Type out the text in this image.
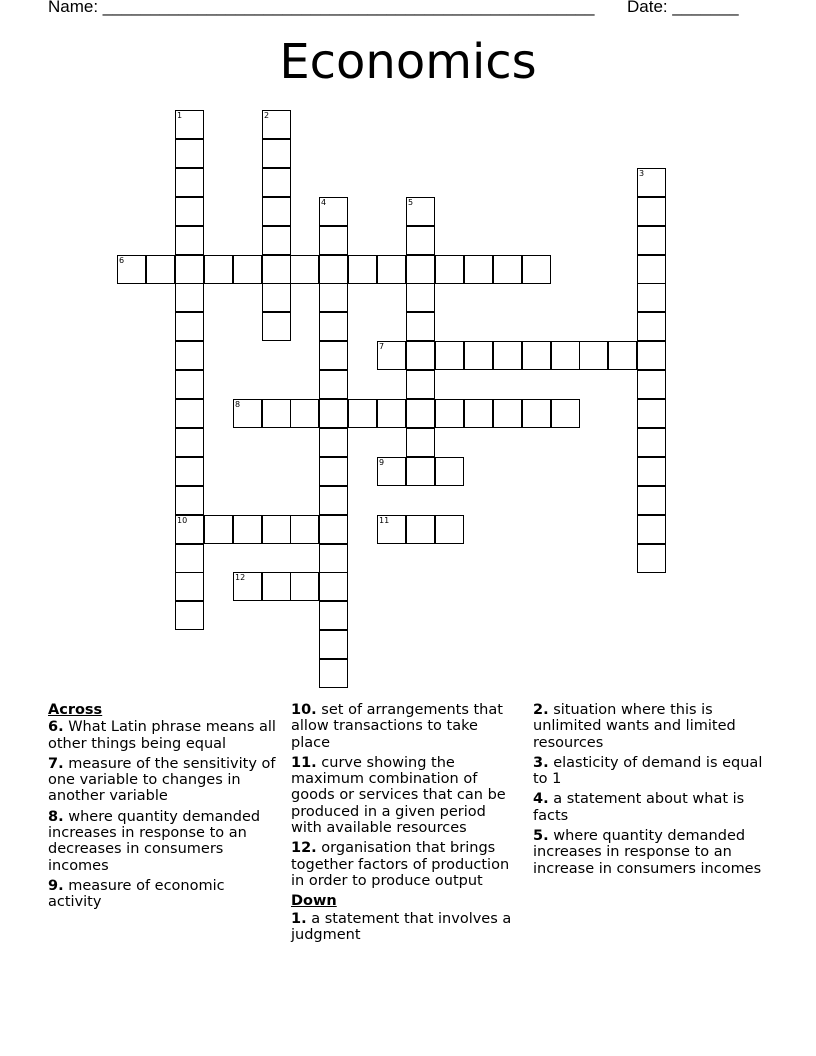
Name: ____________________________________________________ Date: _______
Economics
1	2
3
4	5
6
7
8
9
10	11
12
Across
6. What Latin phrase means all other things being equal
7. measure of the sensitivity of one variable to changes in another variable
8. where quantity demanded increases in response to an decreases in consumers incomes
9. measure of economic activity
10. set of arrangements that allow transactions to take place
11. curve showing the maximum combination of goods or services that can be produced in a given period with available resources
12. organisation that brings together factors of production in order to produce output
Down
1. a statement that involves a judgment
2. situation where this is unlimited wants and limited resources
3. elasticity of demand is equal to 1
4. a statement about what is facts
5. where quantity demanded increases in response to an increase in consumers incomes
